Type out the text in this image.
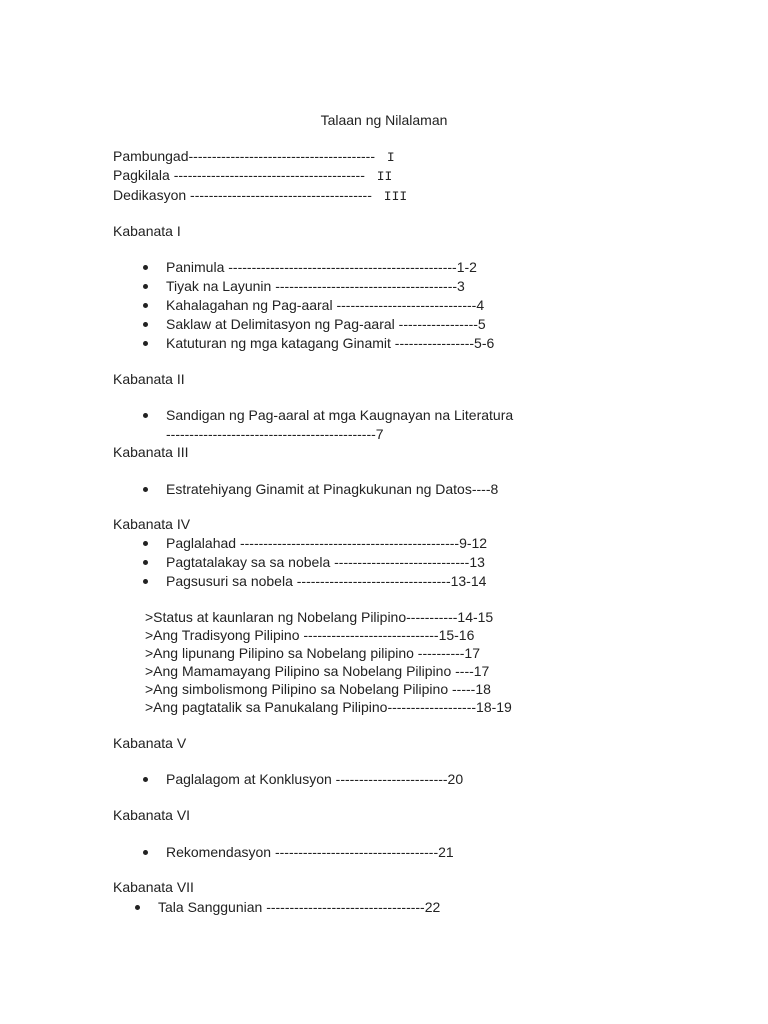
Talaan ng Nilalaman
Pambungad---------------------------------------- I
Pagkilala ----------------------------------------- II
Dedikasyon --------------------------------------- III
Kabanata I
Panimula -------------------------------------------------1-2
Tiyak na Layunin ---------------------------------------3
Kahalagahan ng Pag-aaral ------------------------------4
Saklaw at Delimitasyon ng Pag-aaral -----------------5
Katuturan ng mga katagang Ginamit -----------------5-6
Kabanata II
Sandigan ng Pag-aaral at mga Kaugnayan na Literatura
---------------------------------------------7
Kabanata III
Estratehiyang Ginamit at Pinagkukunan ng Datos----8
Kabanata IV
Paglalahad -----------------------------------------------9-12
Pagtatalakay sa sa nobela -----------------------------13
Pagsusuri sa nobela ---------------------------------13-14
>Status at kaunlaran ng Nobelang Pilipino-----------14-15
>Ang Tradisyong Pilipino -----------------------------15-16
>Ang lipunang Pilipino sa Nobelang pilipino ----------17
>Ang Mamamayang Pilipino sa Nobelang Pilipino ----17
>Ang simbolismong Pilipino sa Nobelang Pilipino -----18
>Ang pagtatalik sa Panukalang Pilipino-------------------18-19
Kabanata V
Paglalagom at Konklusyon ------------------------20
Kabanata VI
Rekomendasyon -----------------------------------21
Kabanata VII
Tala Sanggunian ----------------------------------22
